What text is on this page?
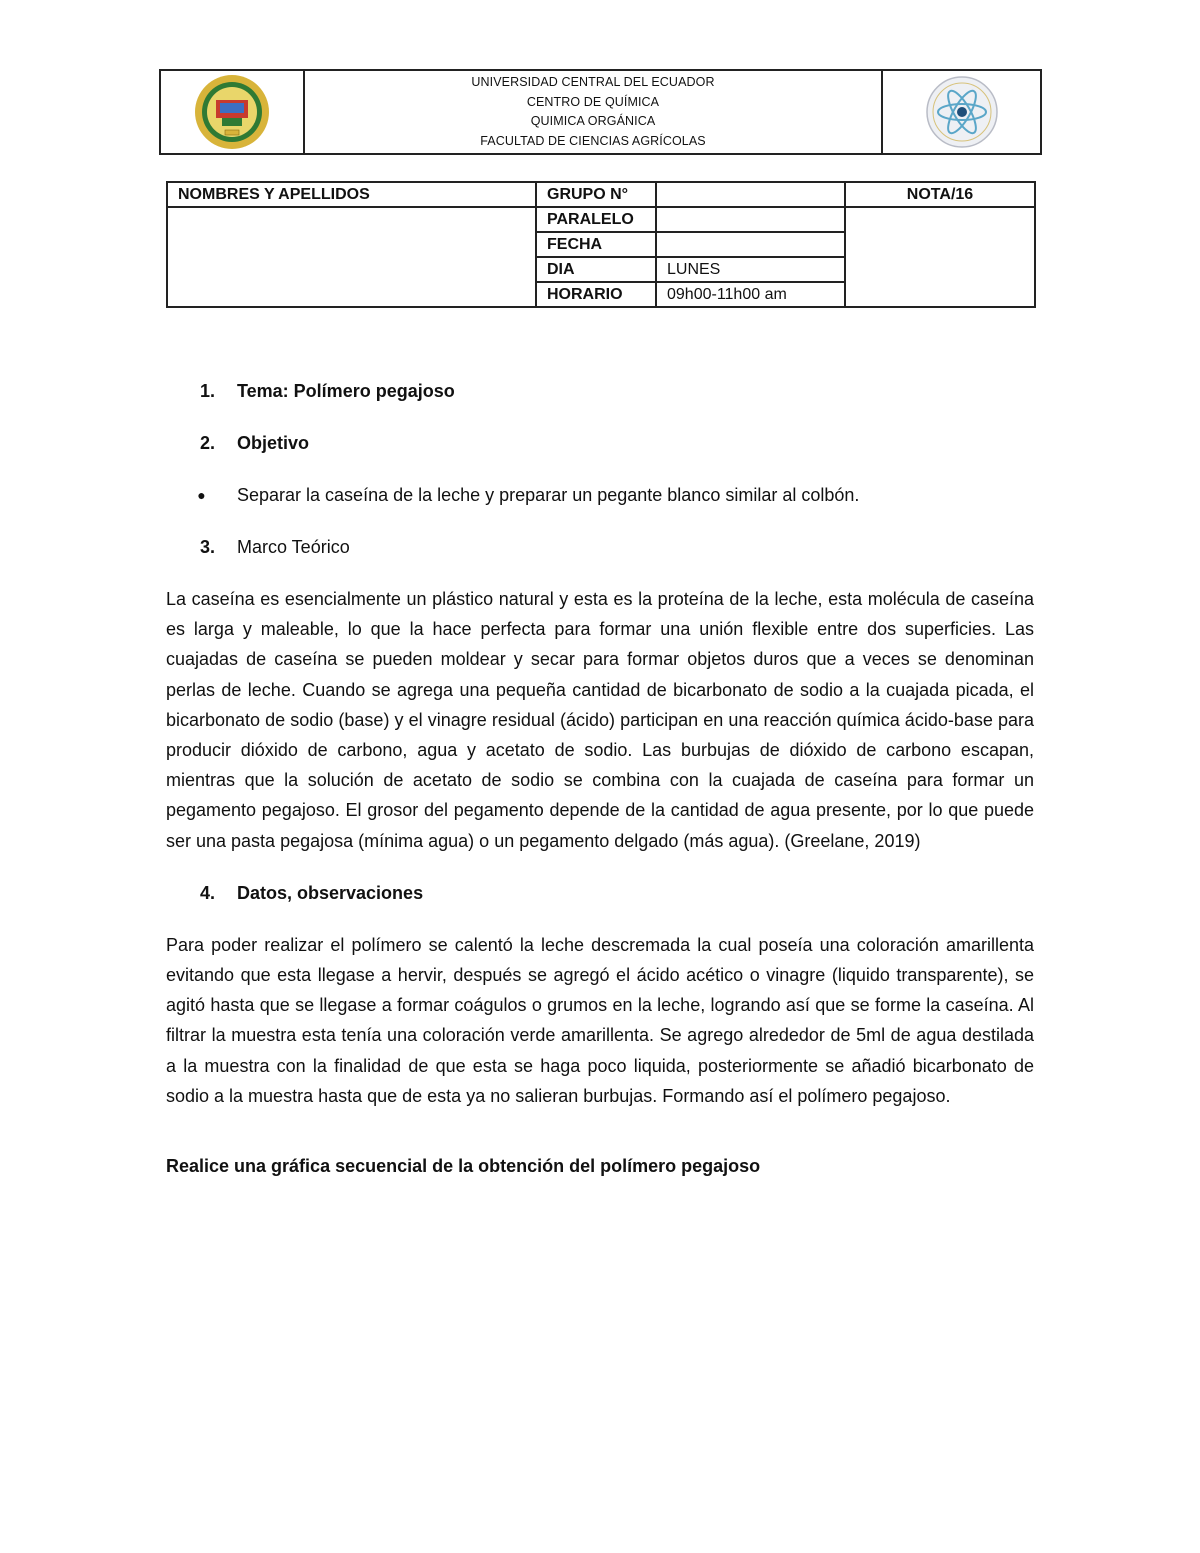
UNIVERSIDAD CENTRAL DEL ECUADOR
CENTRO DE QUÍMICA
QUIMICA ORGÁNICA
FACULTAD DE CIENCIAS AGRÍCOLAS
NOMBRES Y APELLIDOS	GRUPO N°		NOTA/16
	PARALELO		
	FECHA		
	DIA	LUNES	
	HORARIO	09h00-11h00 am	

1.	Tema: Polímero pegajoso

2.	Objetivo

●	Separar la caseína de la leche y preparar un pegante blanco similar al colbón.

3.	Marco Teórico

La caseína es esencialmente un plástico natural y esta es la proteína de la leche, esta molécula de caseína es larga y maleable, lo que la hace perfecta para formar una unión flexible entre dos superficies. Las cuajadas de caseína se pueden moldear y secar para formar objetos duros que a veces se denominan perlas de leche. Cuando se agrega una pequeña cantidad de bicarbonato de sodio a la cuajada picada, el bicarbonato de sodio (base) y el vinagre residual (ácido) participan en una reacción química ácido-base para producir dióxido de carbono, agua y acetato de sodio. Las burbujas de dióxido de carbono escapan, mientras que la solución de acetato de sodio se combina con la cuajada de caseína para formar un pegamento pegajoso. El grosor del pegamento depende de la cantidad de agua presente, por lo que puede ser una pasta pegajosa (mínima agua) o un pegamento delgado (más agua). (Greelane, 2019)

4.	Datos, observaciones

Para poder realizar el polímero se calentó la leche descremada la cual poseía una coloración amarillenta evitando que esta llegase a hervir, después se agregó el ácido acético o vinagre (liquido transparente), se agitó hasta que se llegase a formar coágulos o grumos en la leche, logrando así que se forme la caseína. Al filtrar la muestra esta tenía una coloración verde amarillenta. Se agrego alrededor de 5ml de agua destilada a la muestra con la finalidad de que esta se haga poco liquida, posteriormente se añadió bicarbonato de sodio a la muestra hasta que de esta ya no salieran burbujas. Formando así el polímero pegajoso.

Realice una gráfica secuencial de la obtención del polímero pegajoso
